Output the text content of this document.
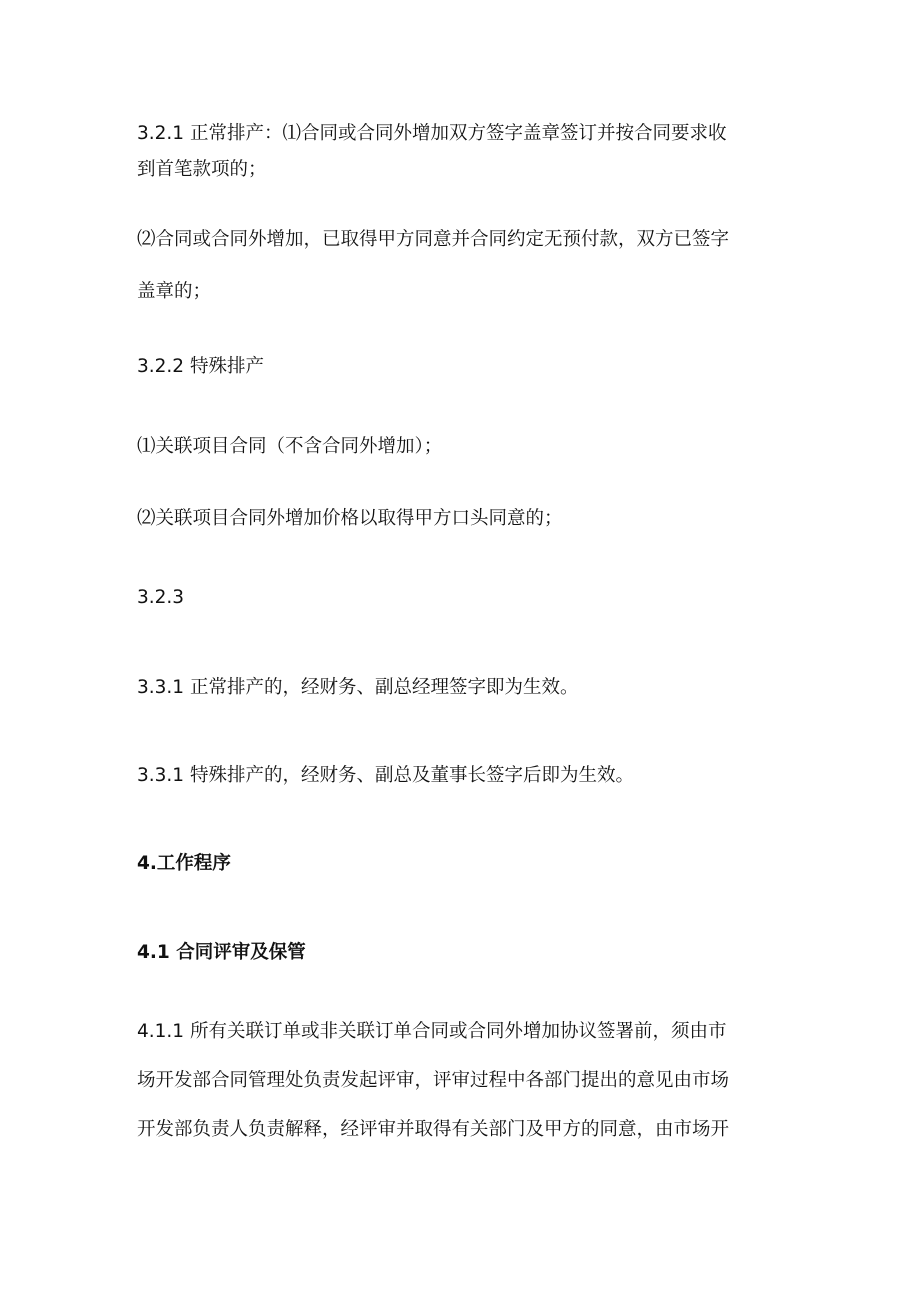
3.2.1 正常排产：⑴合同或合同外增加双方签字盖章签订并按合同要求收
到首笔款项的；
⑵合同或合同外增加，已取得甲方同意并合同约定无预付款，双方已签字
盖章的；
3.2.2 特殊排产
⑴关联项目合同（不含合同外增加）；
⑵关联项目合同外增加价格以取得甲方口头同意的；
3.2.3
3.3.1 正常排产的，经财务、副总经理签字即为生效。
3.3.1 特殊排产的，经财务、副总及董事长签字后即为生效。
4.工作程序
4.1 合同评审及保管
4.1.1 所有关联订单或非关联订单合同或合同外增加协议签署前，须由市
场开发部合同管理处负责发起评审，评审过程中各部门提出的意见由市场
开发部负责人负责解释，经评审并取得有关部门及甲方的同意，由市场开
